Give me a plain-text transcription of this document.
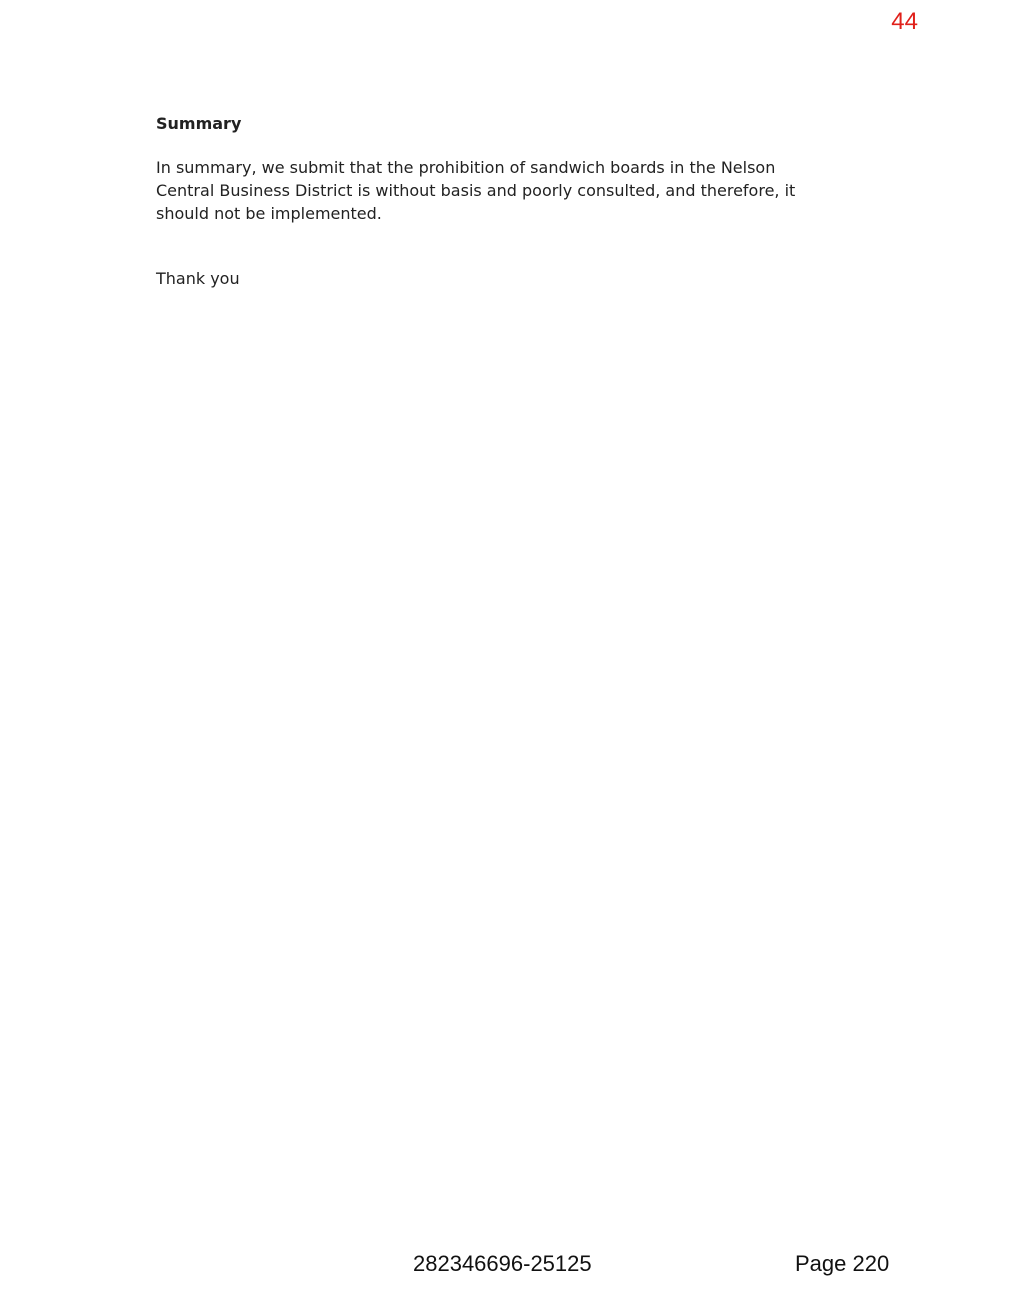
44

Summary

In summary, we submit that the prohibition of sandwich boards in the Nelson Central Business District is without basis and poorly consulted, and therefore, it should not be implemented.

Thank you

282346696-25125	Page 220
